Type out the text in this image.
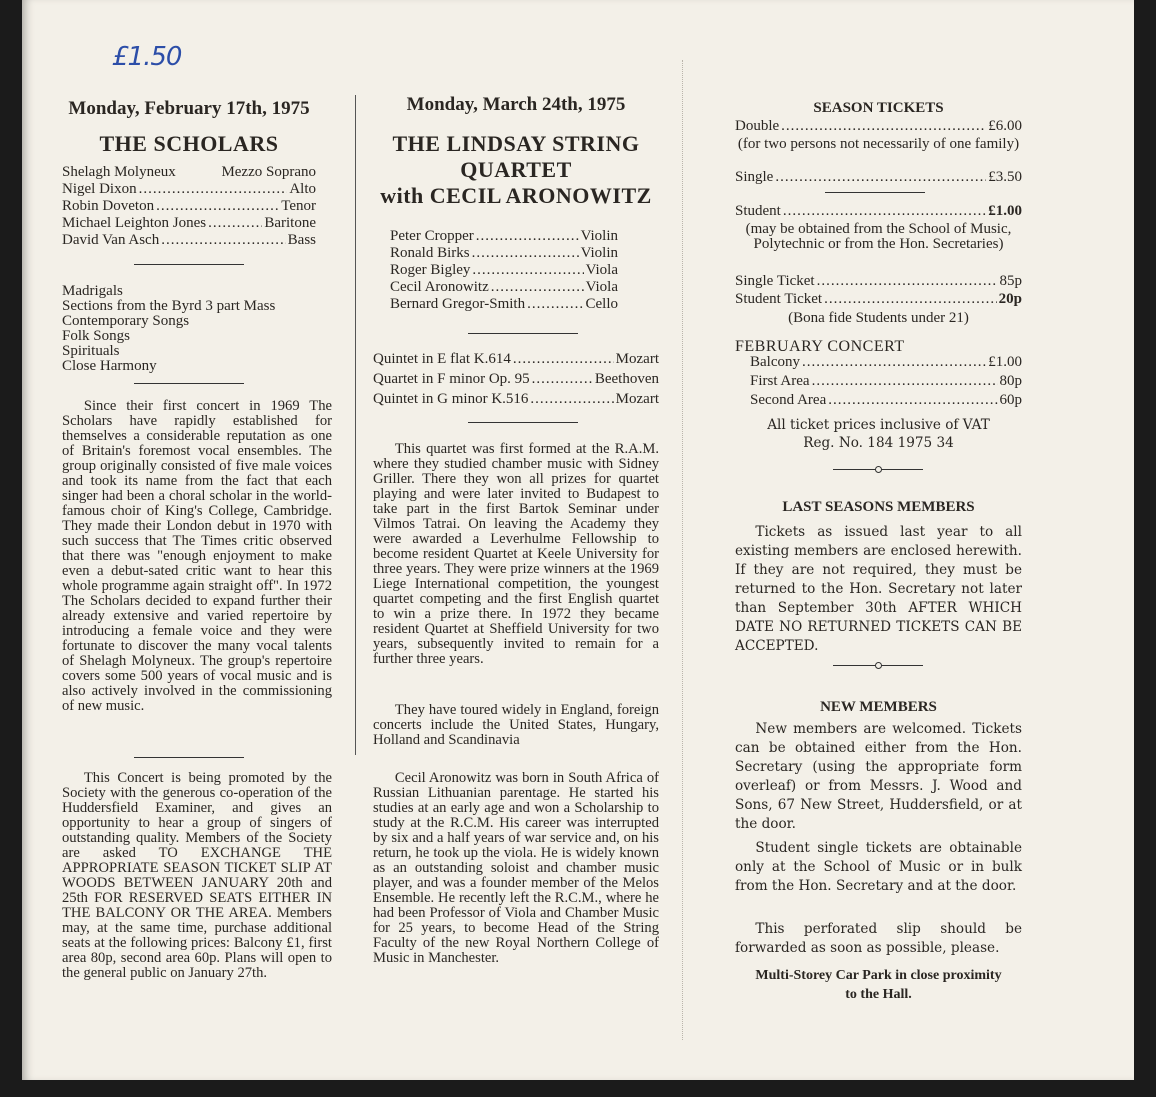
£1.50

Monday, February 17th, 1975

THE SCHOLARS

Shelagh Molyneux	Mezzo Soprano
Nigel Dixon .....	Alto
Robin Doveton .....	Tenor
Michael Leighton Jones .....	Baritone
David Van Asch .....	Bass
Madrigals
Sections from the Byrd 3 part Mass
Contemporary Songs
Folk Songs
Spirituals
Close Harmony

Since their first concert in 1969 The Scholars have rapidly established for themselves a considerable reputation as one of Britain's foremost vocal ensembles. The group originally consisted of five male voices and took its name from the fact that each singer had been a choral scholar in the world-famous choir of King's College, Cambridge. They made their London debut in 1970 with such success that The Times critic observed that there was "enough enjoyment to make even a debut-sated critic want to hear this whole programme again straight off". In 1972 The Scholars decided to expand further their already extensive and varied repertoire by introducing a female voice and they were fortunate to discover the many vocal talents of Shelagh Molyneux. The group's repertoire covers some 500 years of vocal music and is also actively involved in the commissioning of new music.

This Concert is being promoted by the Society with the generous co-operation of the Huddersfield Examiner, and gives an opportunity to hear a group of singers of outstanding quality. Members of the Society are asked TO EXCHANGE THE APPROPRIATE SEASON TICKET SLIP AT WOODS BETWEEN JANUARY 20th and 25th FOR RESERVED SEATS EITHER IN THE BALCONY OR THE AREA. Members may, at the same time, purchase additional seats at the following prices: Balcony £1, first area 80p, second area 60p. Plans will open to the general public on January 27th.

Monday, March 24th, 1975

THE LINDSAY STRING

QUARTET

with CECIL ARONOWITZ

Peter Cropper .....	Violin
Ronald Birks .....	Violin
Roger Bigley .....	Viola
Cecil Aronowitz .....	Viola
Bernard Gregor-Smith .....	Cello
Quintet in E flat K.614 .....	Mozart
Quartet in F minor Op. 95 .....	Beethoven
Quintet in G minor K.516 .....	Mozart

This quartet was first formed at the R.A.M. where they studied chamber music with Sidney Griller. There they won all prizes for quartet playing and were later invited to Budapest to take part in the first Bartok Seminar under Vilmos Tatrai. On leaving the Academy they were awarded a Leverhulme Fellowship to become resident Quartet at Keele University for three years. They were prize winners at the 1969 Liege International competition, the youngest quartet competing and the first English quartet to win a prize there. In 1972 they became resident Quartet at Sheffield University for two years, subsequently invited to remain for a further three years.

They have toured widely in England, foreign concerts include the United States, Hungary, Holland and Scandinavia

Cecil Aronowitz was born in South Africa of Russian Lithuanian parentage. He started his studies at an early age and won a Scholarship to study at the R.C.M. His career was interrupted by six and a half years of war service and, on his return, he took up the viola. He is widely known as an outstanding soloist and chamber music player, and was a founder member of the Melos Ensemble. He recently left the R.C.M., where he had been Professor of Viola and Chamber Music for 25 years, to become Head of the String Faculty of the new Royal Northern College of Music in Manchester.

SEASON TICKETS

Double .....	£6.00

(for two persons not necessarily of one family)

Single .....	£3.50
Student .....	£1.00

(may be obtained from the School of Music, Polytechnic or from the Hon. Secretaries)

Single Ticket .....	85p
Student Ticket .....	20p

(Bona fide Students under 21)

FEBRUARY CONCERT

Balcony .....	£1.00
First Area .....	80p
Second Area .....	60p

All ticket prices inclusive of VAT

Reg. No. 184 1975 34

LAST SEASONS MEMBERS

Tickets as issued last year to all existing members are enclosed herewith. If they are not required, they must be returned to the Hon. Secretary not later than September 30th AFTER WHICH DATE NO RETURNED TICKETS CAN BE ACCEPTED.

NEW MEMBERS

New members are welcomed. Tickets can be obtained either from the Hon. Secretary (using the appropriate form overleaf) or from Messrs. J. Wood and Sons, 67 New Street, Huddersfield, or at the door.

Student single tickets are obtainable only at the School of Music or in bulk from the Hon. Secretary and at the door.

This perforated slip should be forwarded as soon as possible, please.

Multi-Storey Car Park in close proximity to the Hall.
